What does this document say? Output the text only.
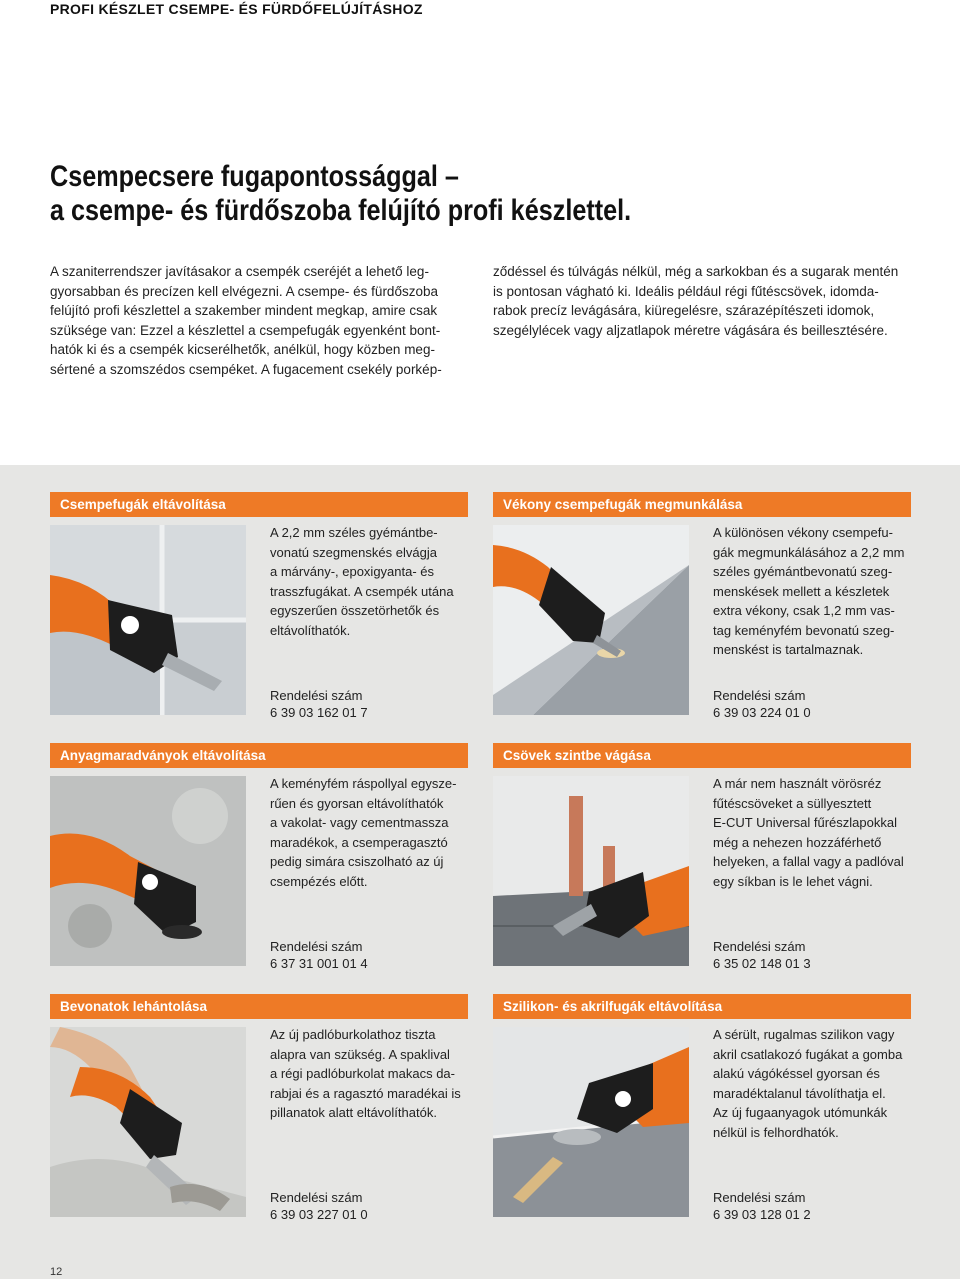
PROFI KÉSZLET CSEMPE- ÉS FÜRDŐFELÚJÍTÁSHOZ
Csempecsere fugapontossággal –
a csempe- és fürdőszoba felújító profi készlettel.
A szaniterrendszer javításakor a csempék cseréjét a lehető leg-
gyorsabban és precízen kell elvégezni. A csempe- és fürdőszoba
felújító profi készlettel a szakember mindent megkap, amire csak
szüksége van: Ezzel a készlettel a csempefugák egyenként bont-
hatók ki és a csempék kicserélhetők, anélkül, hogy közben meg-
sértené a szomszédos csempéket. A fugacement csekély porkép-
ződéssel és túlvágás nélkül, még a sarkokban és a sugarak mentén
is pontosan vágható ki. Ideális például régi fűtéscsövek, idomda-
rabok precíz levágására, kiüregelésre, szárazépítészeti idomok,
szegélylécek vagy aljzatlapok méretre vágására és beillesztésére.
Csempefugák eltávolítása
A 2,2 mm széles gyémántbe-
vonatú szegmenskés elvágja
a márvány-, epoxigyanta- és
trasszfugákat. A csempék utána
egyszerűen összetörhetők és
eltávolíthatók.
Rendelési szám
6 39 03 162 01 7
Vékony csempefugák megmunkálása
A különösen vékony csempefu-
gák megmunkálásához a 2,2 mm
széles gyémántbevonatú szeg-
menskések mellett a készletek
extra vékony, csak 1,2 mm vas-
tag keményfém bevonatú szeg-
menskést is tartalmaznak.
Rendelési szám
6 39 03 224 01 0
Anyagmaradványok eltávolítása
A keményfém ráspollyal egysze-
rűen és gyorsan eltávolíthatók
a vakolat- vagy cementmassza
maradékok, a csemperagasztó
pedig simára csiszolható az új
csempézés előtt.
Rendelési szám
6 37 31 001 01 4
Csövek szintbe vágása
A már nem használt vörösréz
fűtéscsöveket a süllyesztett
E-CUT Universal fűrészlapokkal
még a nehezen hozzáférhető
helyeken, a fallal vagy a padlóval
egy síkban is le lehet vágni.
Rendelési szám
6 35 02 148 01 3
Bevonatok lehántolása
Az új padlóburkolathoz tiszta
alapra van szükség. A spaklival
a régi padlóburkolat makacs da-
rabjai és a ragasztó maradékai is
pillanatok alatt eltávolíthatók.
Rendelési szám
6 39 03 227 01 0
Szilikon- és akrilfugák eltávolítása
A sérült, rugalmas szilikon vagy
akril csatlakozó fugákat a gomba
alakú vágókéssel gyorsan és
maradéktalanul távolíthatja el.
Az új fugaanyagok utómunkák
nélkül is felhordhatók.
Rendelési szám
6 39 03 128 01 2
12
